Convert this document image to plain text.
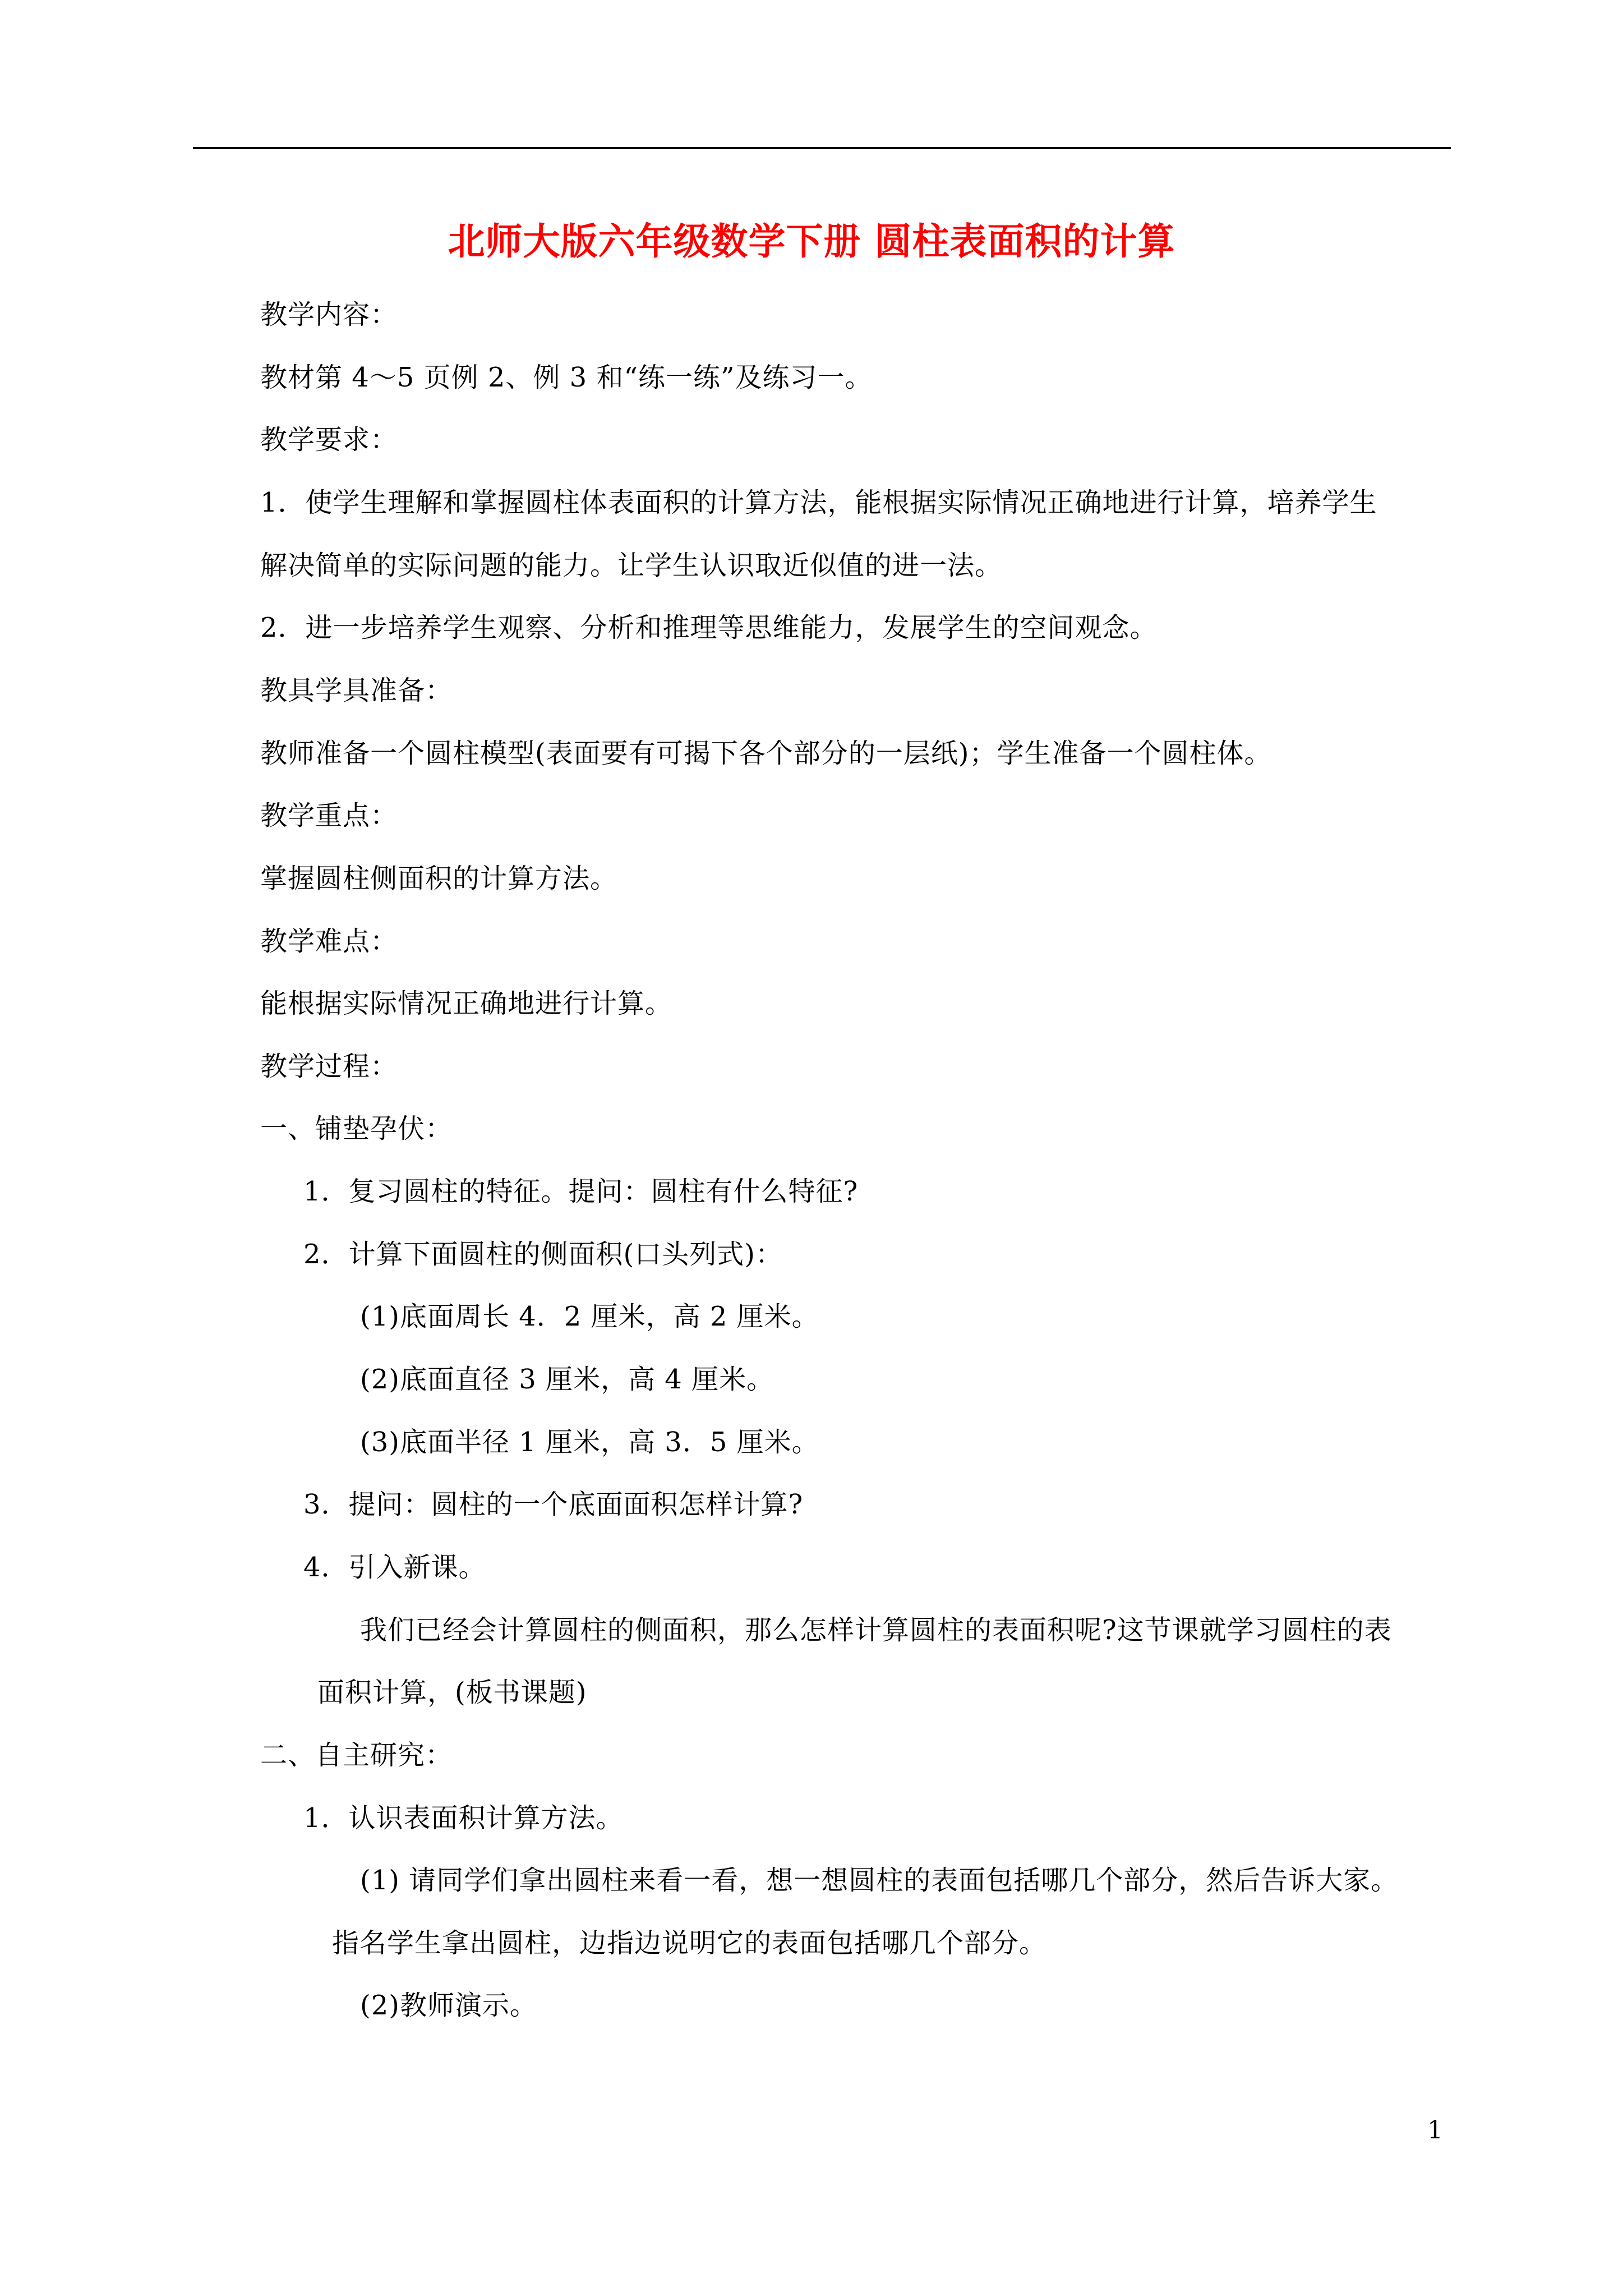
北师大版六年级数学下册 圆柱表面积的计算
教学内容：
教材第 4～5 页例 2、例 3 和“练一练”及练习一。
教学要求：
1．使学生理解和掌握圆柱体表面积的计算方法，能根据实际情况正确地进行计算，培养学生
解决简单的实际问题的能力。让学生认识取近似值的进一法。
2．进一步培养学生观察、分析和推理等思维能力，发展学生的空间观念。
教具学具准备：
教师准备一个圆柱模型(表面要有可揭下各个部分的一层纸)；学生准备一个圆柱体。
教学重点：
掌握圆柱侧面积的计算方法。
教学难点：
能根据实际情况正确地进行计算。
教学过程：
一、铺垫孕伏：
1．复习圆柱的特征。提问：圆柱有什么特征?
2．计算下面圆柱的侧面积(口头列式)：
(1)底面周长 4．2 厘米，高 2 厘米。
(2)底面直径 3 厘米，高 4 厘米。
(3)底面半径 1 厘米，高 3．5 厘米。
3．提问：圆柱的一个底面面积怎样计算?
4．引入新课。
我们已经会计算圆柱的侧面积，那么怎样计算圆柱的表面积呢?这节课就学习圆柱的表
面积计算，(板书课题)
二、自主研究：
1．认识表面积计算方法。
(1) 请同学们拿出圆柱来看一看，想一想圆柱的表面包括哪几个部分，然后告诉大家。
指名学生拿出圆柱，边指边说明它的表面包括哪几个部分。
(2)教师演示。
1
